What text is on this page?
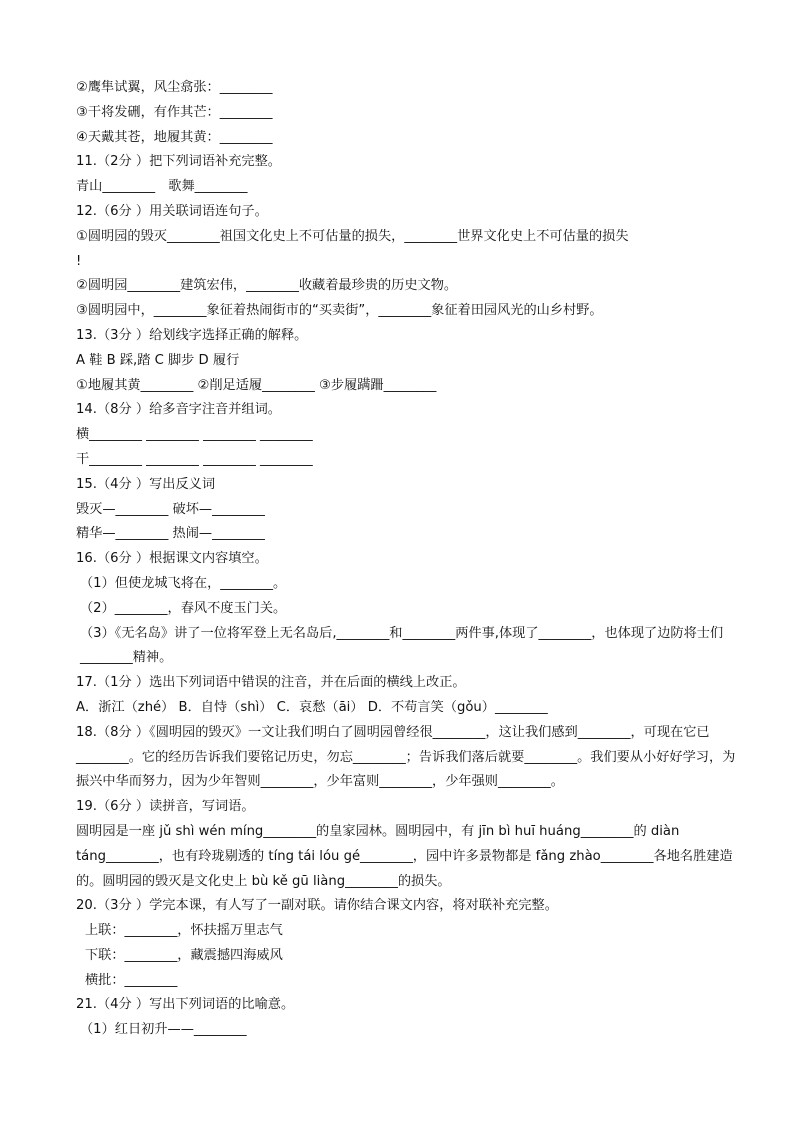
②鹰隼试翼，风尘翕张：________
③干将发硎，有作其芒：________
④天戴其苍，地履其黄：________
11.（2分 ）把下列词语补充完整。
青山________　歌舞________
12.（6分 ）用关联词语连句子。
①圆明园的毁灭________祖国文化史上不可估量的损失，________世界文化史上不可估量的损失
!
②圆明园________建筑宏伟，________收藏着最珍贵的历史文物。
③圆明园中，________象征着热闹街市的“买卖街”，________象征着田园风光的山乡村野。
13.（3分 ）给划线字选择正确的解释。
A 鞋 B 踩,踏 C 脚步 D 履行
①地履其黄________ ②削足适履________ ③步履蹒跚________
14.（8分 ）给多音字注音并组词。
横________ ________ ________ ________
干________ ________ ________ ________
15.（4分 ）写出反义词
毁灭—________ 破坏—________
精华—________ 热闹—________
16.（6分 ）根据课文内容填空。
（1）但使龙城飞将在，________。
（2）________，春风不度玉门关。
（3）《无名岛》讲了一位将军登上无名岛后,________和________两件事,体现了________，也体现了边防将士们________精神。
17.（1分 ）选出下列词语中错误的注音，并在后面的横线上改正。
A．浙江（zhé） B．自恃（shì） C．哀愁（āi） D．不苟言笑（gǒu）________
18.（8分 ）《圆明园的毁灭》一文让我们明白了圆明园曾经很________，这让我们感到________，可现在它已________。它的经历告诉我们要铭记历史，勿忘________；告诉我们落后就要________。我们要从小好好学习，为振兴中华而努力，因为少年智则________，少年富则________，少年强则________。
19.（6分 ）读拼音，写词语。
圆明园是一座 jǔ shì wén míng________的皇家园林。圆明园中，有 jīn bì huī huáng________的 diàn táng________，也有玲珑剔透的 tíng tái lóu gé________，园中许多景物都是 fǎng zhào________各地名胜建造的。圆明园的毁灭是文化史上 bù kě gū liàng________的损失。
20.（3分 ）学完本课，有人写了一副对联。请你结合课文内容，将对联补充完整。
上联：________，怀扶摇万里志气
下联：________，藏震撼四海威风
横批：________
21.（4分 ）写出下列词语的比喻意。
（1）红日初升——________
